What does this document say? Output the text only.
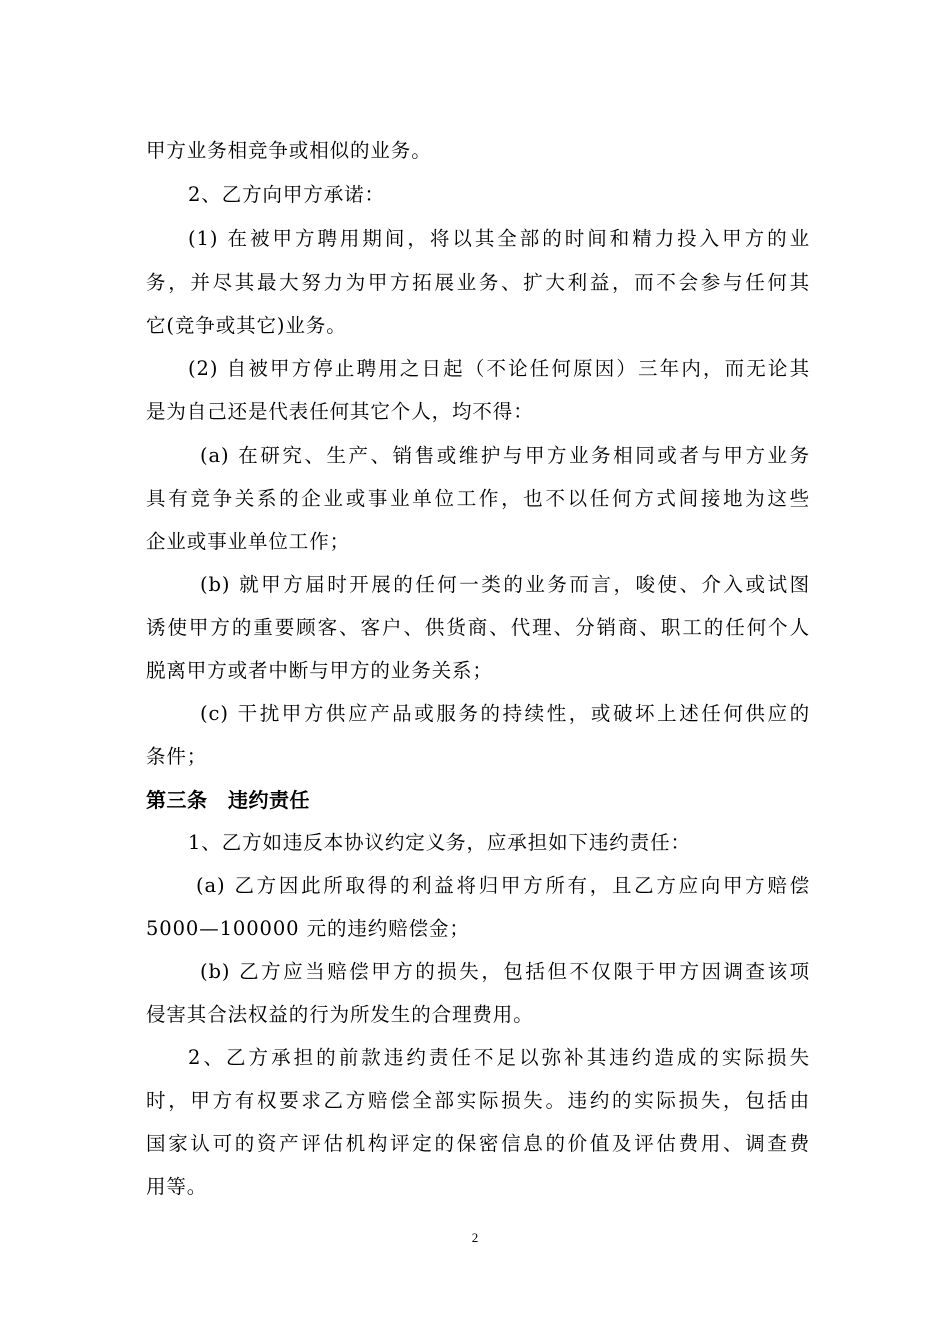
甲方业务相竞争或相似的业务。
2、乙方向甲方承诺：
(1) 在被甲方聘用期间，将以其全部的时间和精力投入甲方的业
务，并尽其最大努力为甲方拓展业务、扩大利益，而不会参与任何其
它(竞争或其它)业务。
(2) 自被甲方停止聘用之日起（不论任何原因）三年内，而无论其
是为自己还是代表任何其它个人，均不得：
(a) 在研究、生产、销售或维护与甲方业务相同或者与甲方业务
具有竞争关系的企业或事业单位工作，也不以任何方式间接地为这些
企业或事业单位工作；
(b) 就甲方届时开展的任何一类的业务而言，唆使、介入或试图
诱使甲方的重要顾客、客户、供货商、代理、分销商、职工的任何个人
脱离甲方或者中断与甲方的业务关系；
(c) 干扰甲方供应产品或服务的持续性，或破坏上述任何供应的
条件；
第三条　违约责任
1、乙方如违反本协议约定义务，应承担如下违约责任：
(a) 乙方因此所取得的利益将归甲方所有，且乙方应向甲方赔偿
5000—100000 元的违约赔偿金；
(b) 乙方应当赔偿甲方的损失，包括但不仅限于甲方因调查该项
侵害其合法权益的行为所发生的合理费用。
2、乙方承担的前款违约责任不足以弥补其违约造成的实际损失
时，甲方有权要求乙方赔偿全部实际损失。违约的实际损失，包括由
国家认可的资产评估机构评定的保密信息的价值及评估费用、调查费
用等。
2
